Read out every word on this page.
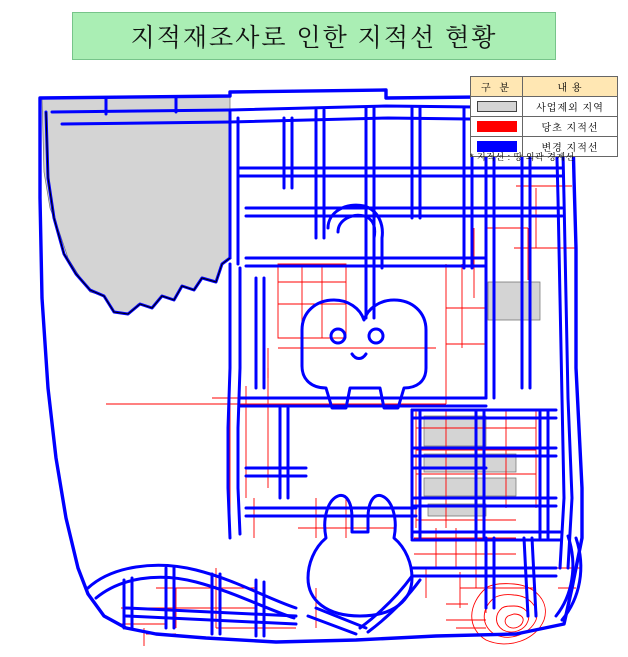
지적재조사로 인한 지적선 현황
구 분	내 용
사업제외 지역
당초 지적선
변경 지적선
* 지적선 : 땅 외곽 경계선
